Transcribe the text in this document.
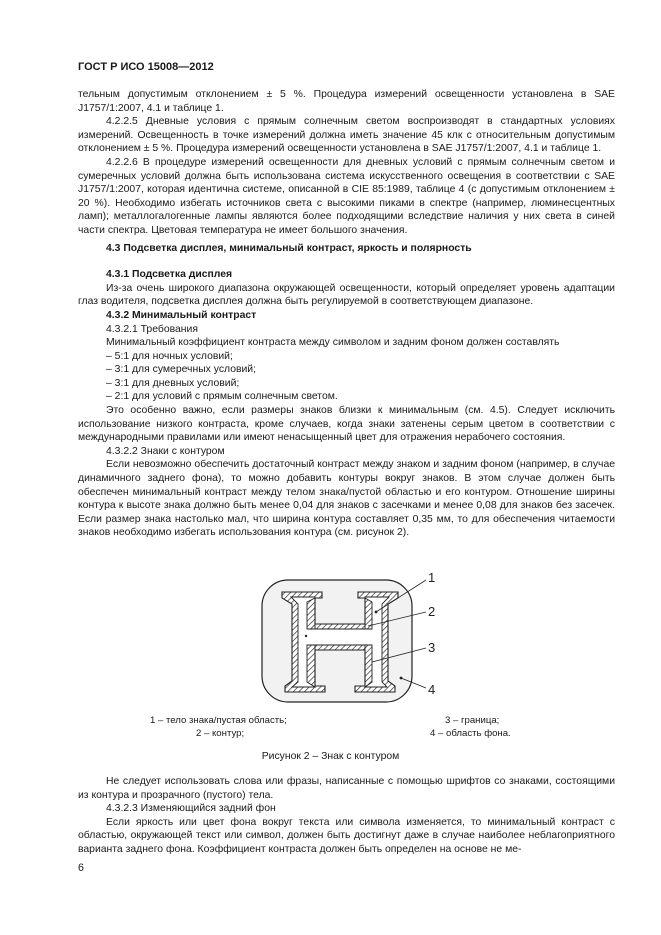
ГОСТ Р ИСО 15008—2012

тельным допустимым отклонением ± 5 %. Процедура измерений освещенности установлена в SAE J1757/1:2007, 4.1 и таблице 1.

4.2.2.5 Дневные условия с прямым солнечным светом воспроизводят в стандартных условиях измерений. Освещенность в точке измерений должна иметь значение 45 клк с относительным допустимым отклонением ± 5 %. Процедура измерений освещенности установлена в SAE J1757/1:2007, 4.1 и таблице 1.

4.2.2.6 В процедуре измерений освещенности для дневных условий с прямым солнечным светом и сумеречных условий должна быть использована система искусственного освещения в соответствии с SAE J1757/1:2007, которая идентична системе, описанной в CIE 85:1989, таблице 4 (с допустимым отклонением ± 20 %). Необходимо избегать источников света с высокими пиками в спектре (например, люминесцентных ламп); металлогалогенные лампы являются более подходящими вследствие наличия у них света в синей части спектра. Цветовая температура не имеет большого значения.

4.3 Подсветка дисплея, минимальный контраст, яркость и полярность

4.3.1 Подсветка дисплея

Из-за очень широкого диапазона окружающей освещенности, который определяет уровень адаптации глаз водителя, подсветка дисплея должна быть регулируемой в соответствующем диапазоне.

4.3.2 Минимальный контраст

4.3.2.1 Требования

Минимальный коэффициент контраста между символом и задним фоном должен составлять

– 5:1 для ночных условий;

– 3:1 для сумеречных условий;

– 3:1 для дневных условий;

– 2:1 для условий с прямым солнечным светом.

Это особенно важно, если размеры знаков близки к минимальным (см. 4.5). Следует исключить использование низкого контраста, кроме случаев, когда знаки затенены серым цветом в соответствии с международными правилами или имеют ненасыщенный цвет для отражения нерабочего состояния.

4.3.2.2 Знаки с контуром

Если невозможно обеспечить достаточный контраст между знаком и задним фоном (например, в случае динамичного заднего фона), то можно добавить контуры вокруг знаков. В этом случае должен быть обеспечен минимальный контраст между телом знака/пустой областью и его контуром. Отношение ширины контура к высоте знака должно быть менее 0,04 для знаков с засечками и менее 0,08 для знаков без засечек. Если размер знака настолько мал, что ширина контура составляет 0,35 мм, то для обеспечения читаемости знаков необходимо избегать использования контура (см. рисунок 2).

1
2
3
4
1 – тело знака/пустая область;
2 – контур;
3 – граница;
4 – область фона.
Рисунок 2 – Знак с контуром

Не следует использовать слова или фразы, написанные с помощью шрифтов со знаками, состоящими из контура и прозрачного (пустого) тела.

4.3.2.3 Изменяющийся задний фон

Если яркость или цвет фона вокруг текста или символа изменяется, то минимальный контраст с областью, окружающей текст или символ, должен быть достигнут даже в случае наиболее неблагоприятного варианта заднего фона. Коэффициент контраста должен быть определен на основе не ме-

6
